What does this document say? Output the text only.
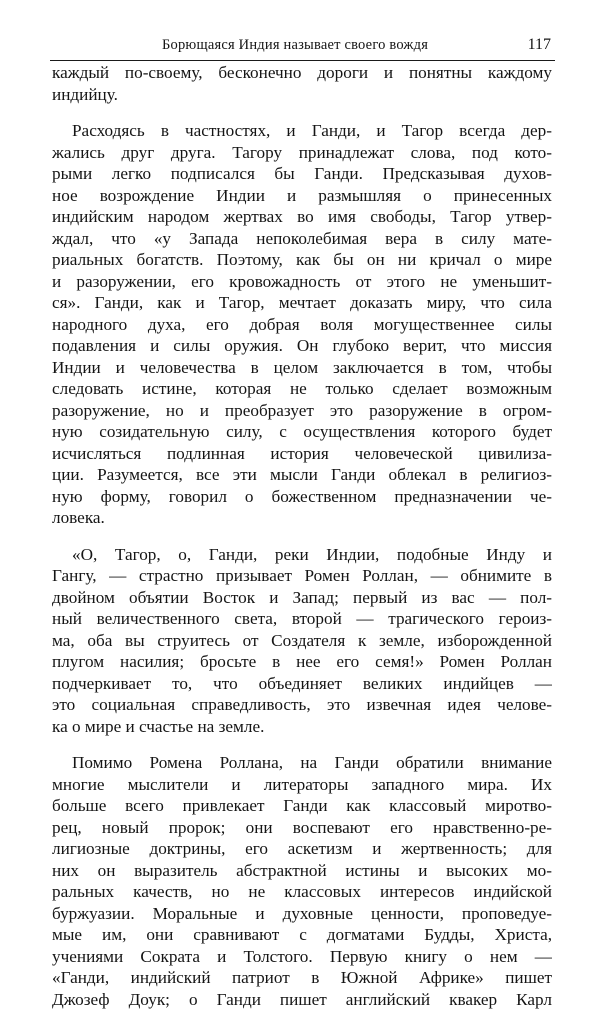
Борющаяся Индия называет своего вождя	117
каждый по-своему, бесконечно дороги и понятны каждому
индийцу.
Расходясь в частностях, и Ганди, и Тагор всегда дер-
жались друг друга. Тагору принадлежат слова, под кото-
рыми легко подписался бы Ганди. Предсказывая духов-
ное возрождение Индии и размышляя о принесенных
индийским народом жертвах во имя свободы, Тагор утвер-
ждал, что «у Запада непоколебимая вера в силу мате-
риальных богатств. Поэтому, как бы он ни кричал о мире
и разоружении, его кровожадность от этого не уменьшит-
ся». Ганди, как и Тагор, мечтает доказать миру, что сила
народного духа, его добрая воля могущественнее силы
подавления и силы оружия. Он глубоко верит, что миссия
Индии и человечества в целом заключается в том, чтобы
следовать истине, которая не только сделает возможным
разоружение, но и преобразует это разоружение в огром-
ную созидательную силу, с осуществления которого будет
исчисляться подлинная история человеческой цивилиза-
ции. Разумеется, все эти мысли Ганди облекал в религиоз-
ную форму, говорил о божественном предназначении че-
ловека.
«О, Тагор, о, Ганди, реки Индии, подобные Инду и
Гангу, — страстно призывает Ромен Роллан, — обнимите в
двойном объятии Восток и Запад; первый из вас — пол-
ный величественного света, второй — трагического героиз-
ма, оба вы струитесь от Создателя к земле, изборожденной
плугом насилия; бросьте в нее его семя!» Ромен Роллан
подчеркивает то, что объединяет великих индийцев —
это социальная справедливость, это извечная идея челове-
ка о мире и счастье на земле.
Помимо Ромена Роллана, на Ганди обратили внимание
многие мыслители и литераторы западного мира. Их
больше всего привлекает Ганди как классовый миротво-
рец, новый пророк; они воспевают его нравственно-ре-
лигиозные доктрины, его аскетизм и жертвенность; для
них он выразитель абстрактной истины и высоких мо-
ральных качеств, но не классовых интересов индийской
буржуазии. Моральные и духовные ценности, проповедуе-
мые им, они сравнивают с догматами Будды, Христа,
учениями Сократа и Толстого. Первую книгу о нем —
«Ганди, индийский патриот в Южной Африке» пишет
Джозеф Доук; о Ганди пишет английский квакер Карл
